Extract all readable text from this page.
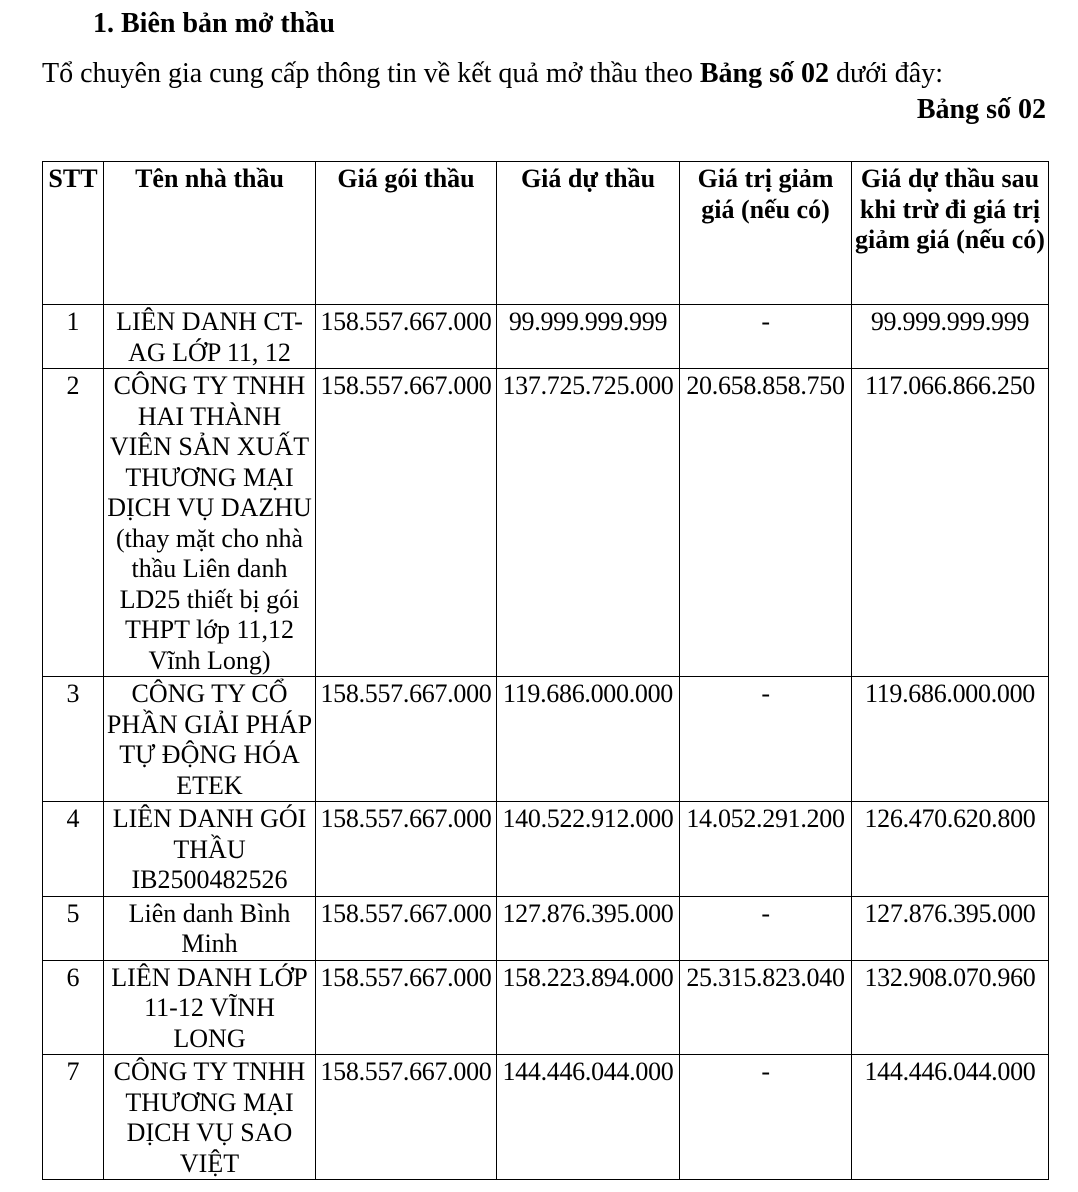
1. Biên bản mở thầu
Tổ chuyên gia cung cấp thông tin về kết quả mở thầu theo Bảng số 02 dưới đây:
Bảng số 02
STT	Tên nhà thầu	Giá gói thầu	Giá dự thầu	Giá trị giảm giá (nếu có)	Giá dự thầu sau khi trừ đi giá trị giảm giá (nếu có)
1	LIÊN DANH CT-AG LỚP 11, 12	158.557.667.000	99.999.999.999	-	99.999.999.999
2	CÔNG TY TNHH HAI THÀNH VIÊN SẢN XUẤT THƯƠNG MẠI DỊCH VỤ DAZHU (thay mặt cho nhà thầu Liên danh LD25 thiết bị gói THPT lớp 11,12 Vĩnh Long)	158.557.667.000	137.725.725.000	20.658.858.750	117.066.866.250
3	CÔNG TY CỔ PHẦN GIẢI PHÁP TỰ ĐỘNG HÓA ETEK	158.557.667.000	119.686.000.000	-	119.686.000.000
4	LIÊN DANH GÓI THẦU IB2500482526	158.557.667.000	140.522.912.000	14.052.291.200	126.470.620.800
5	Liên danh Bình Minh	158.557.667.000	127.876.395.000	-	127.876.395.000
6	LIÊN DANH LỚP 11-12 VĨNH LONG	158.557.667.000	158.223.894.000	25.315.823.040	132.908.070.960
7	CÔNG TY TNHH THƯƠNG MẠI DỊCH VỤ SAO VIỆT	158.557.667.000	144.446.044.000	-	144.446.044.000
